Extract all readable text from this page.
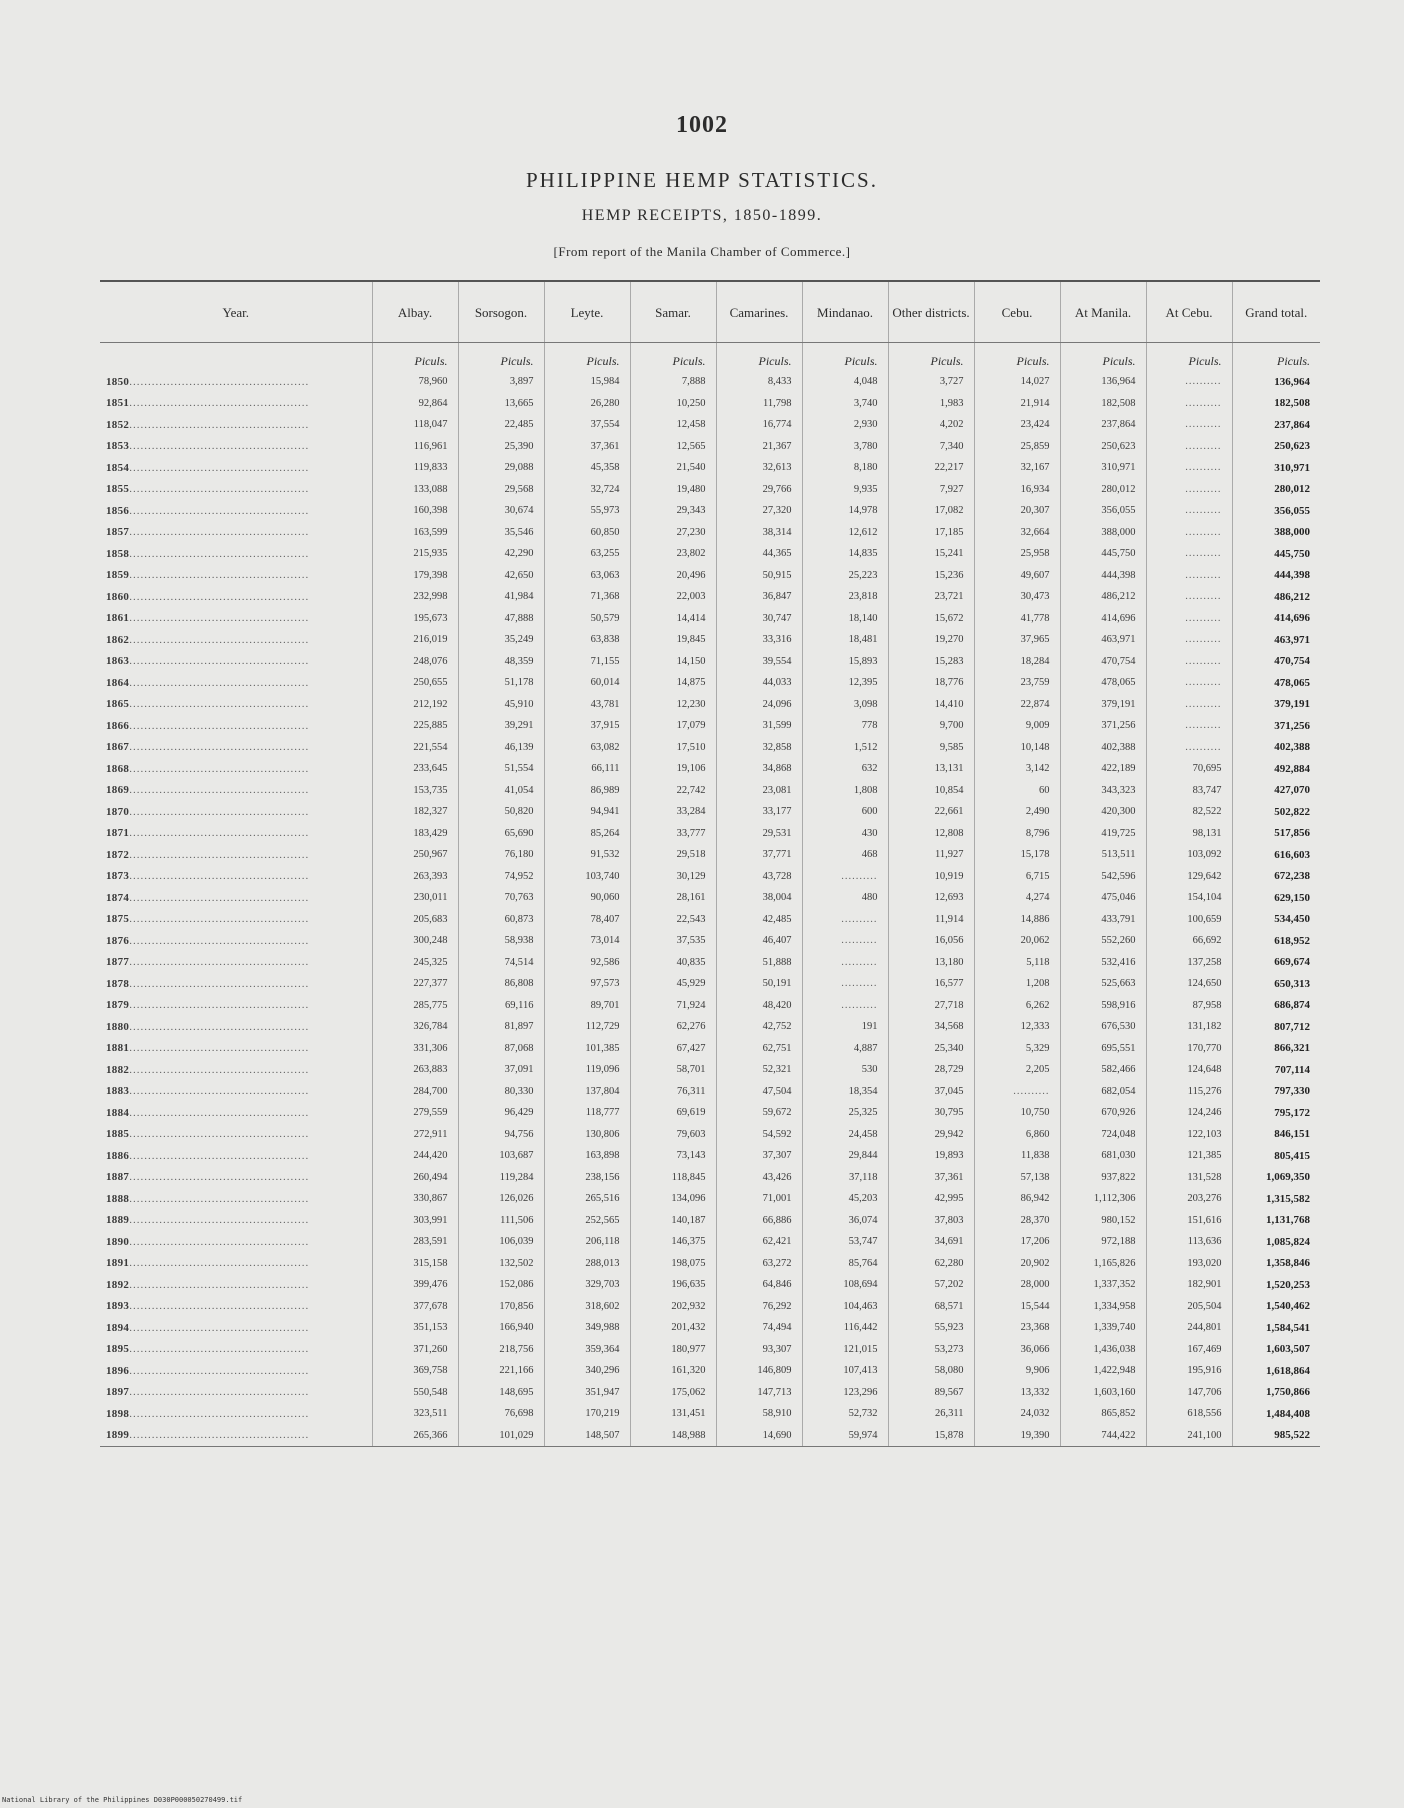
1002
PHILIPPINE HEMP STATISTICS.
HEMP RECEIPTS, 1850-1899.
[From report of the Manila Chamber of Commerce.]
Year.	Albay.	Sorsogon.	Leyte.	Samar.	Camarines.	Mindanao.	Other districts.	Cebu.	At Manila.	At Cebu.	Grand total.
	Piculs.	Piculs.	Piculs.	Piculs.	Piculs.	Piculs.	Piculs.	Piculs.	Piculs.	Piculs.	Piculs.
1850................................................	78,960	3,897	15,984	7,888	8,433	4,048	3,727	14,027	136,964	..........	136,964
1851................................................	92,864	13,665	26,280	10,250	11,798	3,740	1,983	21,914	182,508	..........	182,508
1852................................................	118,047	22,485	37,554	12,458	16,774	2,930	4,202	23,424	237,864	..........	237,864
1853................................................	116,961	25,390	37,361	12,565	21,367	3,780	7,340	25,859	250,623	..........	250,623
1854................................................	119,833	29,088	45,358	21,540	32,613	8,180	22,217	32,167	310,971	..........	310,971
1855................................................	133,088	29,568	32,724	19,480	29,766	9,935	7,927	16,934	280,012	..........	280,012
1856................................................	160,398	30,674	55,973	29,343	27,320	14,978	17,082	20,307	356,055	..........	356,055
1857................................................	163,599	35,546	60,850	27,230	38,314	12,612	17,185	32,664	388,000	..........	388,000
1858................................................	215,935	42,290	63,255	23,802	44,365	14,835	15,241	25,958	445,750	..........	445,750
1859................................................	179,398	42,650	63,063	20,496	50,915	25,223	15,236	49,607	444,398	..........	444,398
1860................................................	232,998	41,984	71,368	22,003	36,847	23,818	23,721	30,473	486,212	..........	486,212
1861................................................	195,673	47,888	50,579	14,414	30,747	18,140	15,672	41,778	414,696	..........	414,696
1862................................................	216,019	35,249	63,838	19,845	33,316	18,481	19,270	37,965	463,971	..........	463,971
1863................................................	248,076	48,359	71,155	14,150	39,554	15,893	15,283	18,284	470,754	..........	470,754
1864................................................	250,655	51,178	60,014	14,875	44,033	12,395	18,776	23,759	478,065	..........	478,065
1865................................................	212,192	45,910	43,781	12,230	24,096	3,098	14,410	22,874	379,191	..........	379,191
1866................................................	225,885	39,291	37,915	17,079	31,599	778	9,700	9,009	371,256	..........	371,256
1867................................................	221,554	46,139	63,082	17,510	32,858	1,512	9,585	10,148	402,388	..........	402,388
1868................................................	233,645	51,554	66,111	19,106	34,868	632	13,131	3,142	422,189	70,695	492,884
1869................................................	153,735	41,054	86,989	22,742	23,081	1,808	10,854	60	343,323	83,747	427,070
1870................................................	182,327	50,820	94,941	33,284	33,177	600	22,661	2,490	420,300	82,522	502,822
1871................................................	183,429	65,690	85,264	33,777	29,531	430	12,808	8,796	419,725	98,131	517,856
1872................................................	250,967	76,180	91,532	29,518	37,771	468	11,927	15,178	513,511	103,092	616,603
1873................................................	263,393	74,952	103,740	30,129	43,728	..........	10,919	6,715	542,596	129,642	672,238
1874................................................	230,011	70,763	90,060	28,161	38,004	480	12,693	4,274	475,046	154,104	629,150
1875................................................	205,683	60,873	78,407	22,543	42,485	..........	11,914	14,886	433,791	100,659	534,450
1876................................................	300,248	58,938	73,014	37,535	46,407	..........	16,056	20,062	552,260	66,692	618,952
1877................................................	245,325	74,514	92,586	40,835	51,888	..........	13,180	5,118	532,416	137,258	669,674
1878................................................	227,377	86,808	97,573	45,929	50,191	..........	16,577	1,208	525,663	124,650	650,313
1879................................................	285,775	69,116	89,701	71,924	48,420	..........	27,718	6,262	598,916	87,958	686,874
1880................................................	326,784	81,897	112,729	62,276	42,752	191	34,568	12,333	676,530	131,182	807,712
1881................................................	331,306	87,068	101,385	67,427	62,751	4,887	25,340	5,329	695,551	170,770	866,321
1882................................................	263,883	37,091	119,096	58,701	52,321	530	28,729	2,205	582,466	124,648	707,114
1883................................................	284,700	80,330	137,804	76,311	47,504	18,354	37,045	..........	682,054	115,276	797,330
1884................................................	279,559	96,429	118,777	69,619	59,672	25,325	30,795	10,750	670,926	124,246	795,172
1885................................................	272,911	94,756	130,806	79,603	54,592	24,458	29,942	6,860	724,048	122,103	846,151
1886................................................	244,420	103,687	163,898	73,143	37,307	29,844	19,893	11,838	681,030	121,385	805,415
1887................................................	260,494	119,284	238,156	118,845	43,426	37,118	37,361	57,138	937,822	131,528	1,069,350
1888................................................	330,867	126,026	265,516	134,096	71,001	45,203	42,995	86,942	1,112,306	203,276	1,315,582
1889................................................	303,991	111,506	252,565	140,187	66,886	36,074	37,803	28,370	980,152	151,616	1,131,768
1890................................................	283,591	106,039	206,118	146,375	62,421	53,747	34,691	17,206	972,188	113,636	1,085,824
1891................................................	315,158	132,502	288,013	198,075	63,272	85,764	62,280	20,902	1,165,826	193,020	1,358,846
1892................................................	399,476	152,086	329,703	196,635	64,846	108,694	57,202	28,000	1,337,352	182,901	1,520,253
1893................................................	377,678	170,856	318,602	202,932	76,292	104,463	68,571	15,544	1,334,958	205,504	1,540,462
1894................................................	351,153	166,940	349,988	201,432	74,494	116,442	55,923	23,368	1,339,740	244,801	1,584,541
1895................................................	371,260	218,756	359,364	180,977	93,307	121,015	53,273	36,066	1,436,038	167,469	1,603,507
1896................................................	369,758	221,166	340,296	161,320	146,809	107,413	58,080	9,906	1,422,948	195,916	1,618,864
1897................................................	550,548	148,695	351,947	175,062	147,713	123,296	89,567	13,332	1,603,160	147,706	1,750,866
1898................................................	323,511	76,698	170,219	131,451	58,910	52,732	26,311	24,032	865,852	618,556	1,484,408
1899................................................	265,366	101,029	148,507	148,988	14,690	59,974	15,878	19,390	744,422	241,100	985,522
National Library of the Philippines D030P000050270499.tif
